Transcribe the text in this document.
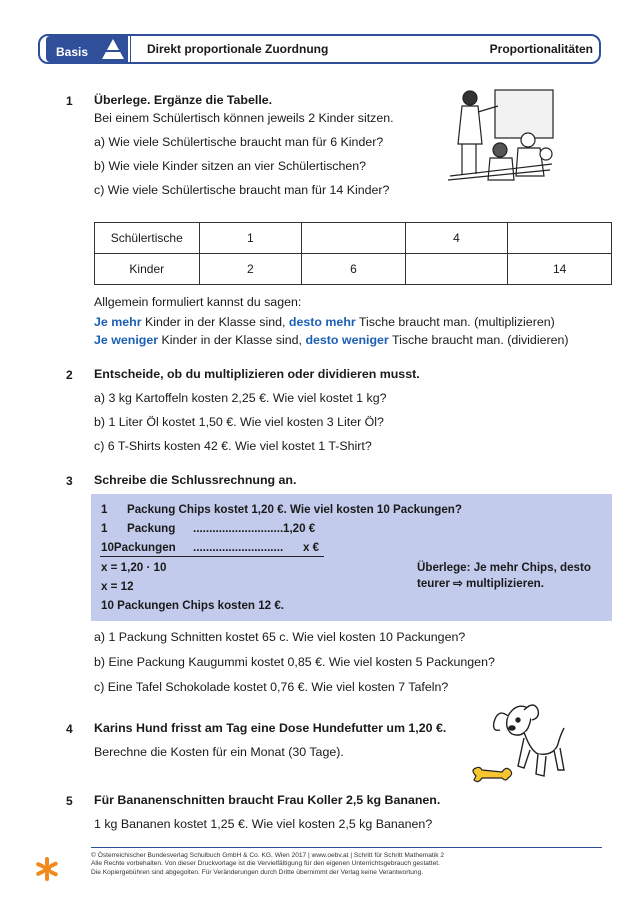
Basis	Direkt proportionale Zuordnung	Proportionalitäten
1 Überlege. Ergänze die Tabelle.
Bei einem Schülertisch können jeweils 2 Kinder sitzen.
a) Wie viele Schülertische braucht man für 6 Kinder?
b) Wie viele Kinder sitzen an vier Schülertischen?
c) Wie viele Schülertische braucht man für 14 Kinder?
Schülertische	1		4	
Kinder	2	6		14
Allgemein formuliert kannst du sagen:
Je mehr Kinder in der Klasse sind, desto mehr Tische braucht man. (multiplizieren)
Je weniger Kinder in der Klasse sind, desto weniger Tische braucht man. (dividieren)
2 Entscheide, ob du multiplizieren oder dividieren musst.
a) 3 kg Kartoffeln kosten 2,25 €. Wie viel kostet 1 kg?
b) 1 Liter Öl kostet 1,50 €. Wie viel kosten 3 Liter Öl?
c) 6 T-Shirts kosten 42 €. Wie viel kostet 1 T-Shirt?
3 Schreibe die Schlussrechnung an.
1 Packung Chips kostet 1,20 €. Wie viel kosten 10 Packungen?
1 Packung ............................ 1,20 €
10Packungen ............................ x €
x = 1,20 · 10
x = 12
10 Packungen Chips kosten 12 €.
Überlege: Je mehr Chips, desto
teurer ⇨ multiplizieren.
a) 1 Packung Schnitten kostet 65 c. Wie viel kosten 10 Packungen?
b) Eine Packung Kaugummi kostet 0,85 €. Wie viel kosten 5 Packungen?
c) Eine Tafel Schokolade kostet 0,76 €. Wie viel kosten 7 Tafeln?
4 Karins Hund frisst am Tag eine Dose Hundefutter um 1,20 €.
Berechne die Kosten für ein Monat (30 Tage).
5 Für Bananenschnitten braucht Frau Koller 2,5 kg Bananen.
1 kg Bananen kostet 1,25 €. Wie viel kosten 2,5 kg Bananen?
© Österreichischer Bundesverlag Schulbuch GmbH & Co. KG, Wien 2017 | www.oebv.at | Schritt für Schritt Mathematik 2
Alle Rechte vorbehalten. Von dieser Druckvorlage ist die Vervielfältigung für den eigenen Unterrichtsgebrauch gestattet.
Die Kopiergebühren sind abgegolten. Für Veränderungen durch Dritte übernimmt der Verlag keine Verantwortung.
